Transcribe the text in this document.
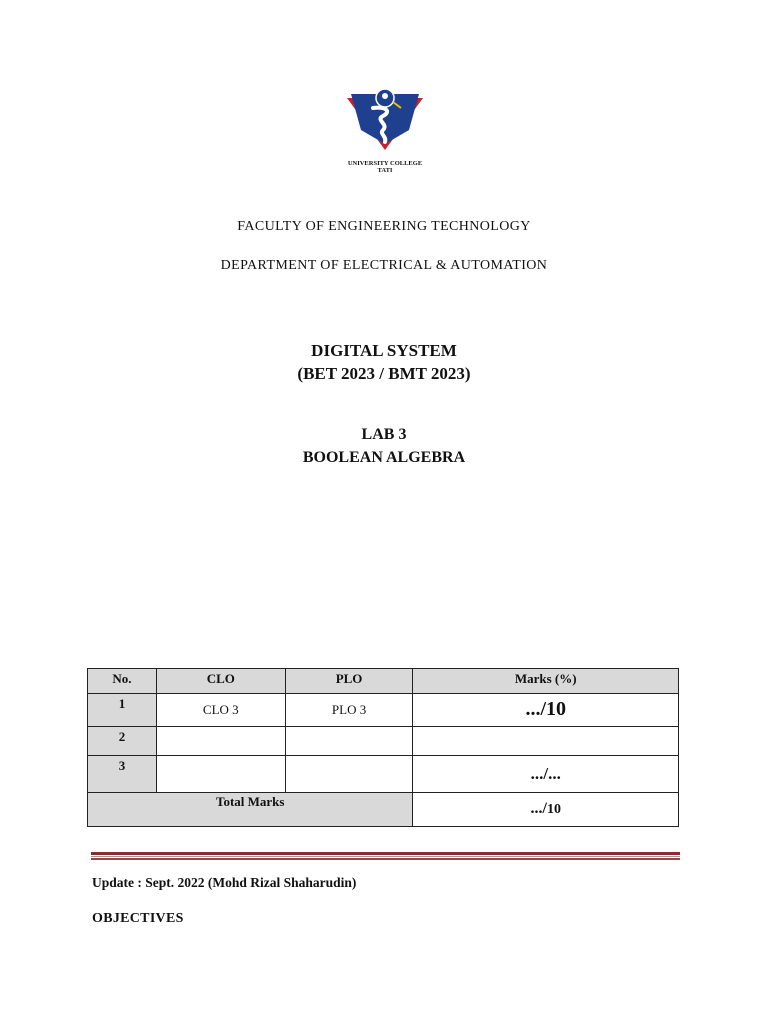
UNIVERSITY COLLEGE
TATI
FACULTY OF ENGINEERING TECHNOLOGY
DEPARTMENT OF ELECTRICAL & AUTOMATION
DIGITAL SYSTEM
(BET 2023 / BMT 2023)
LAB 3
BOOLEAN ALGEBRA
No.	CLO	PLO	Marks (%)
1	CLO 3	PLO 3	.../10
2			
3			.../...
Total Marks			.../10
Update : Sept. 2022 (Mohd Rizal Shaharudin)
OBJECTIVES
